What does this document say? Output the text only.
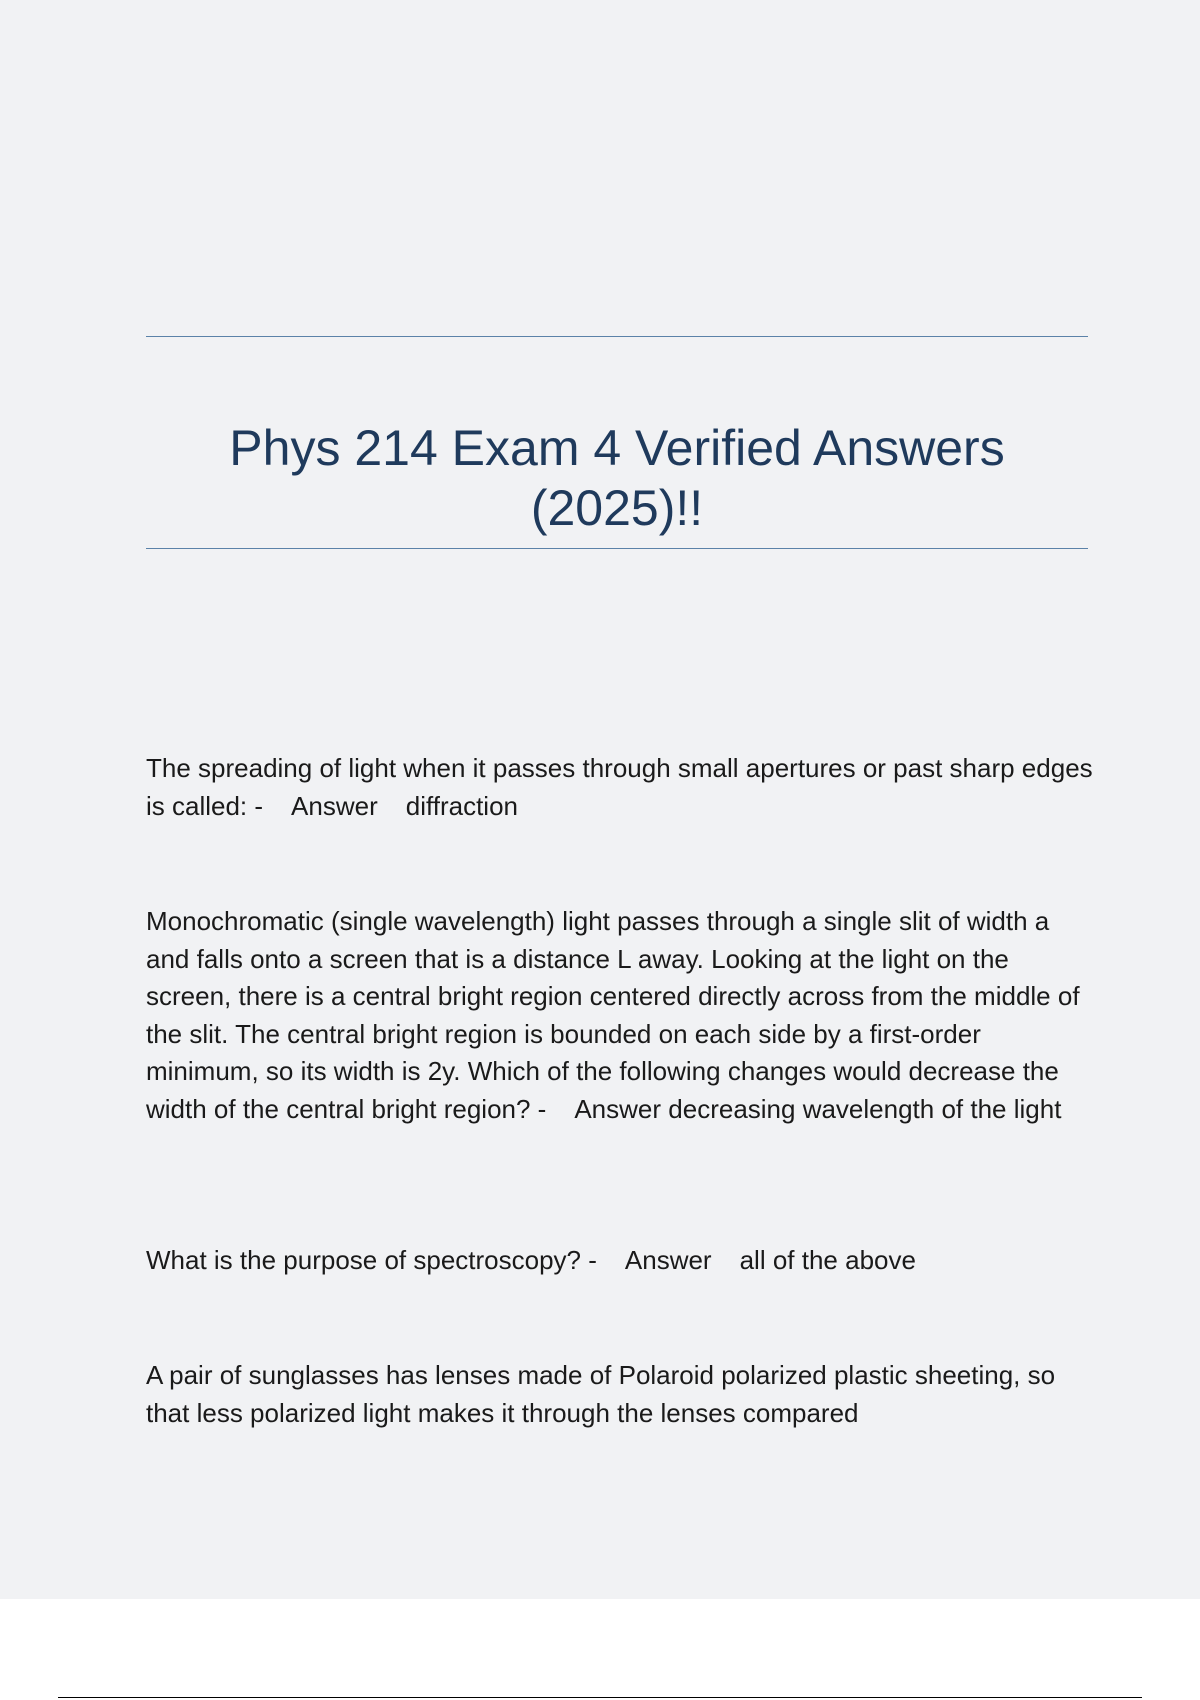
Phys 214 Exam 4 Verified Answers
(2025)!!

The spreading of light when it passes through small apertures or past sharp edges is called: - Answer diffraction

Monochromatic (single wavelength) light passes through a single slit of width a and falls onto a screen that is a distance L away. Looking at the light on the screen, there is a central bright region centered directly across from the middle of the slit. The central bright region is bounded on each side by a first-order minimum, so its width is 2y. Which of the following changes would decrease the width of the central bright region? - Answer decreasing wavelength of the light

What is the purpose of spectroscopy? - Answer all of the above

A pair of sunglasses has lenses made of Polaroid polarized plastic sheeting, so that less polarized light makes it through the lenses compared
